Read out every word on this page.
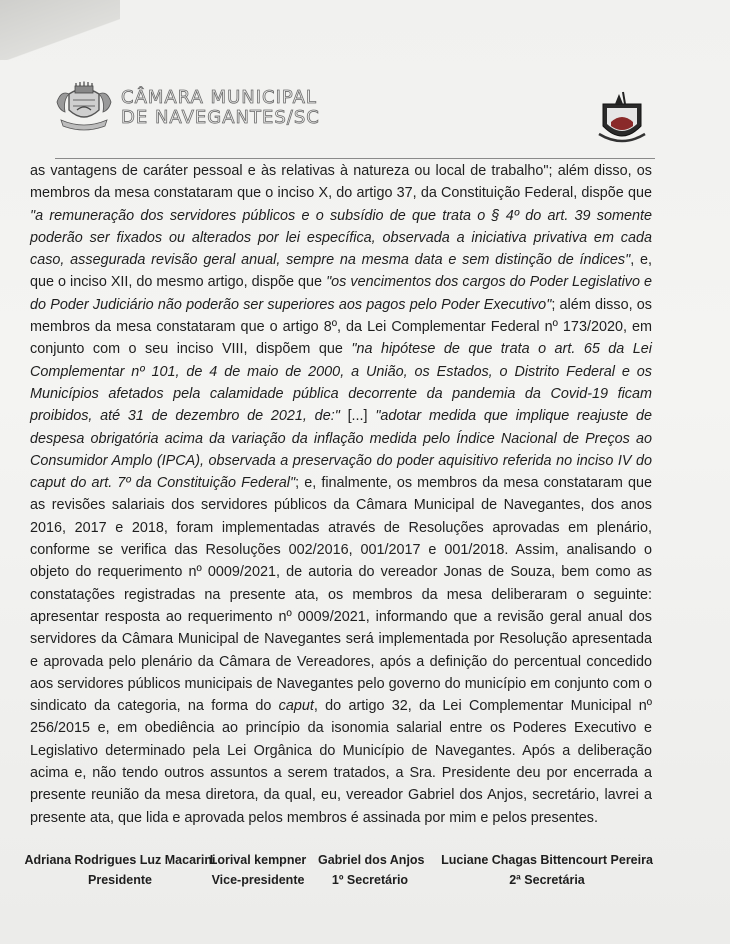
CÂMARA MUNICIPAL
DE NAVEGANTES/SC
as vantagens de caráter pessoal e às relativas à natureza ou local de trabalho"; além disso, os membros da mesa constataram que o inciso X, do artigo 37, da Constituição Federal, dispõe que "a remuneração dos servidores públicos e o subsídio de que trata o § 4º do art. 39 somente poderão ser fixados ou alterados por lei específica, observada a iniciativa privativa em cada caso, assegurada revisão geral anual, sempre na mesma data e sem distinção de índices", e, que o inciso XII, do mesmo artigo, dispõe que "os vencimentos dos cargos do Poder Legislativo e do Poder Judiciário não poderão ser superiores aos pagos pelo Poder Executivo"; além disso, os membros da mesa constataram que o artigo 8º, da Lei Complementar Federal nº 173/2020, em conjunto com o seu inciso VIII, dispõem que "na hipótese de que trata o art. 65 da Lei Complementar nº 101, de 4 de maio de 2000, a União, os Estados, o Distrito Federal e os Municípios afetados pela calamidade pública decorrente da pandemia da Covid-19 ficam proibidos, até 31 de dezembro de 2021, de:" [...] "adotar medida que implique reajuste de despesa obrigatória acima da variação da inflação medida pelo Índice Nacional de Preços ao Consumidor Amplo (IPCA), observada a preservação do poder aquisitivo referida no inciso IV do caput do art. 7º da Constituição Federal"; e, finalmente, os membros da mesa constataram que as revisões salariais dos servidores públicos da Câmara Municipal de Navegantes, dos anos 2016, 2017 e 2018, foram implementadas através de Resoluções aprovadas em plenário, conforme se verifica das Resoluções 002/2016, 001/2017 e 001/2018. Assim, analisando o objeto do requerimento nº 0009/2021, de autoria do vereador Jonas de Souza, bem como as constatações registradas na presente ata, os membros da mesa deliberaram o seguinte: apresentar resposta ao requerimento nº 0009/2021, informando que a revisão geral anual dos servidores da Câmara Municipal de Navegantes será implementada por Resolução apresentada e aprovada pelo plenário da Câmara de Vereadores, após a definição do percentual concedido aos servidores públicos municipais de Navegantes pelo governo do município em conjunto com o sindicato da categoria, na forma do caput, do artigo 32, da Lei Complementar Municipal nº 256/2015 e, em obediência ao princípio da isonomia salarial entre os Poderes Executivo e Legislativo determinado pela Lei Orgânica do Município de Navegantes. Após a deliberação acima e, não tendo outros assuntos a serem tratados, a Sra. Presidente deu por encerrada a presente reunião da mesa diretora, da qual, eu, vereador Gabriel dos Anjos, secretário, lavrei a presente ata, que lida e aprovada pelos membros é assinada por mim e pelos presentes.
Adriana Rodrigues Luz Macarini
Presidente
Lorival kempner
Vice-presidente
Gabriel dos Anjos
1º Secretário
Luciane Chagas Bittencourt Pereira
2ª Secretária
